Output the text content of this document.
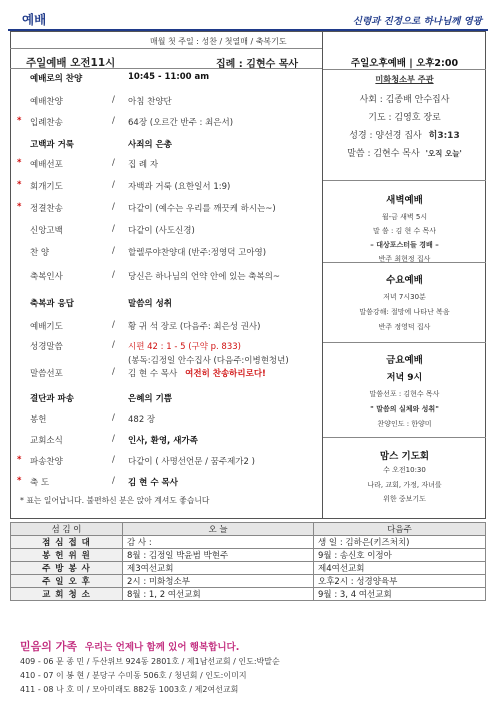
예배	신령과 진정으로 하나님께 영광
매월 첫 주일 : 성찬 / 첫열매 / 축복기도
주일예배 오전11시	집례 : 김현수 목사
예배로의 찬양	10:45 - 11:00 am
예배찬양	/ 아침 찬양단
* 입례찬송	/ 64장 (오르간 반주 : 최은서)
고백과 거룩	사죄의 은총
* 예배선포	/ 집 례 자
* 회개기도	/ 자백과 거룩 (요한일서 1:9)
* 정결찬송	/ 다같이 (예수는 우리를 깨끗케 하시는~)
신앙고백	/ 다같이 (사도신경)
찬 양	/ 할렐루야찬양대 (반주:정영덕 고아영)
축복인사	/ 당신은 하나님의 언약 안에 있는 축복의~
축복과 응답	말씀의 성취
예배기도	/ 황 귀 석 장로 (다음주: 최은성 권사)
성경말씀	/ 시편 42 : 1 - 5 (구약 p. 833)
(봉독:김정일 안수집사 (다음주:이병현청년)
말씀선포	/ 김 현 수 목사 여전히 찬송하리로다!
결단과 파송	은혜의 기쁨
봉헌	/ 482 장
교회소식	/ 인사, 환영, 새가족
* 파송찬양	/ 다같이 ( 사명선언문 / 꿈주제가2 )
* 축 도	/ 김 현 수 목사
* 표는 일어납니다. 불편하신 분은 앉아 계셔도 좋습니다
주일오후예배 | 오후2:00
미화청소부 주관
사회 : 김종배 안수집사
기도 : 김영호 장로
성경 : 양선경 집사 히3:13
말씀 : 김현수 목사 '오직 오늘'
새벽예배
월-금 새벽 5시
말 씀 : 김 현 수 목사
– 대상포스터들 경배 –
반주 최현정 집사
수요예배
저녁 7시30분
말씀강해: 절망에 나타난 복음
반주 정영덕 집사
금요예배
저녁 9시
말씀선포 : 김현수 목사
" 말씀의 실체와 성취"
찬양인도 : 한양미
맘스 기도회
수 오전10:30
나라, 교회, 가정, 자녀를
위한 중보기도
섬 김 이	오 늘	다음주
점 심 접 대	감 사 :	생 일 : 김하은(키즈처치)
봉 헌 위 원	8월 : 김정일 박윤범 박현주	9월 : 송신호 이정아
주 방 봉 사	제3여선교회	제4여선교회
주 일 오 후	2시 : 미화청소부	오후2시 : 성경양육부
교 회 청 소	8월 : 1, 2 여선교회	9월 : 3, 4 여선교회
믿음의 가족 우리는 언제나 함께 있어 행복합니다.
409 - 06 문 종 민 / 두산위브 924동 2801호 / 제1남선교회 / 인도:박말순
410 - 07 이 봉 현 / 분당구 수미동 506호 / 청년회 / 인도:이미지
411 - 08 나 호 미 / 모아미래도 882동 1003호 / 제2여선교회
